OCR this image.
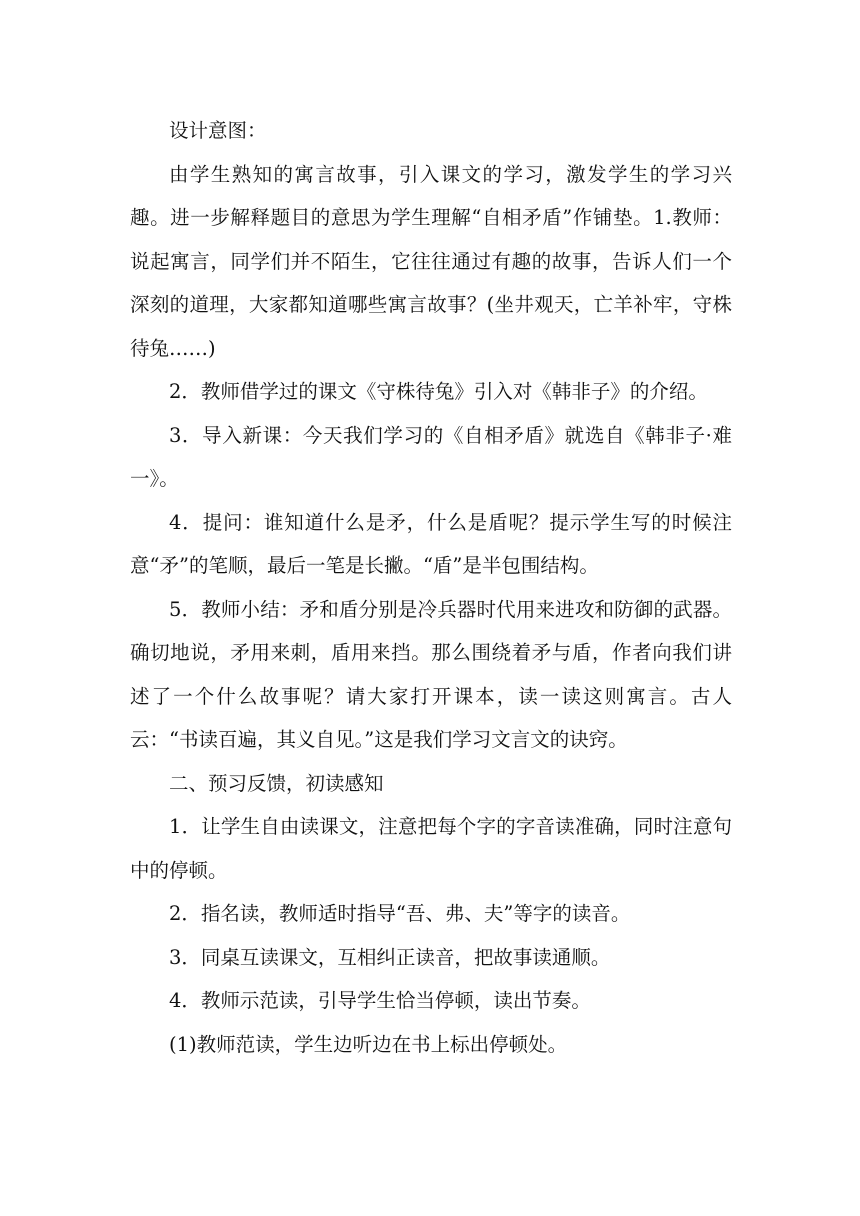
设计意图：

由学生熟知的寓言故事，引入课文的学习，激发学生的学习兴趣。进一步解释题目的意思为学生理解“自相矛盾”作铺垫。1.教师：说起寓言，同学们并不陌生，它往往通过有趣的故事，告诉人们一个深刻的道理，大家都知道哪些寓言故事？(坐井观天，亡羊补牢，守株待兔……)

2．教师借学过的课文《守株待兔》引入对《韩非子》的介绍。

3．导入新课：今天我们学习的《自相矛盾》就选自《韩非子·难一》。

4．提问：谁知道什么是矛，什么是盾呢？提示学生写的时候注意“矛”的笔顺，最后一笔是长撇。“盾”是半包围结构。

5．教师小结：矛和盾分别是冷兵器时代用来进攻和防御的武器。确切地说，矛用来刺，盾用来挡。那么围绕着矛与盾，作者向我们讲述了一个什么故事呢？请大家打开课本，读一读这则寓言。古人云：“书读百遍，其义自见。”这是我们学习文言文的诀窍。

二、预习反馈，初读感知

1．让学生自由读课文，注意把每个字的字音读准确，同时注意句中的停顿。

2．指名读，教师适时指导“吾、弗、夫”等字的读音。

3．同桌互读课文，互相纠正读音，把故事读通顺。

4．教师示范读，引导学生恰当停顿，读出节奏。

(1)教师范读，学生边听边在书上标出停顿处。
